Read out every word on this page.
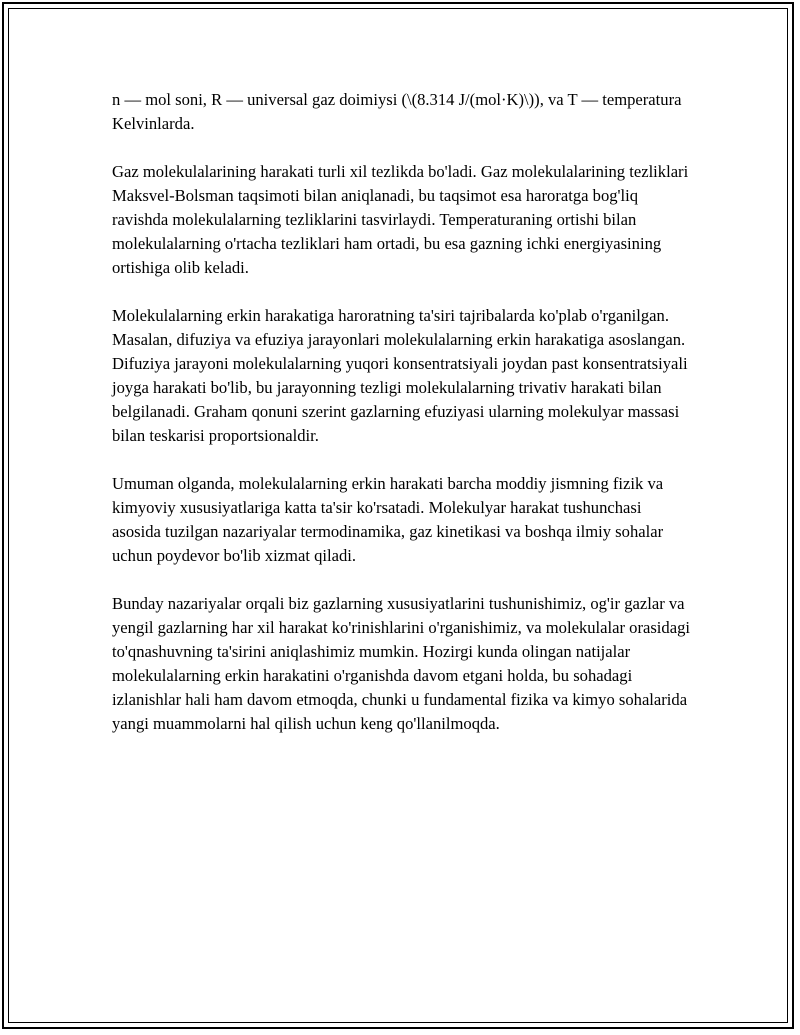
n — mol soni, R — universal gaz doimiysi (\(8.314 J/(mol·K)\)), va T — temperatura Kelvinlarda.

Gaz molekulalarining harakati turli xil tezlikda bo'ladi. Gaz molekulalarining tezliklari Maksvel-Bolsman taqsimoti bilan aniqlanadi, bu taqsimot esa haroratga bog'liq ravishda molekulalarning tezliklarini tasvirlaydi. Temperaturaning ortishi bilan molekulalarning o'rtacha tezliklari ham ortadi, bu esa gazning ichki energiyasining ortishiga olib keladi.

Molekulalarning erkin harakatiga haroratning ta'siri tajribalarda ko'plab o'rganilgan. Masalan, difuziya va efuziya jarayonlari molekulalarning erkin harakatiga asoslangan. Difuziya jarayoni molekulalarning yuqori konsentratsiyali joydan past konsentratsiyali joyga harakati bo'lib, bu jarayonning tezligi molekulalarning trivativ harakati bilan belgilanadi. Graham qonuni szerint gazlarning efuziyasi ularning molekulyar massasi bilan teskarisi proportsionaldir.

Umuman olganda, molekulalarning erkin harakati barcha moddiy jismning fizik va kimyoviy xususiyatlariga katta ta'sir ko'rsatadi. Molekulyar harakat tushunchasi asosida tuzilgan nazariyalar termodinamika, gaz kinetikasi va boshqa ilmiy sohalar uchun poydevor bo'lib xizmat qiladi.

Bunday nazariyalar orqali biz gazlarning xususiyatlarini tushunishimiz, og'ir gazlar va yengil gazlarning har xil harakat ko'rinishlarini o'rganishimiz, va molekulalar orasidagi to'qnashuvning ta'sirini aniqlashimiz mumkin. Hozirgi kunda olingan natijalar molekulalarning erkin harakatini o'rganishda davom etgani holda, bu sohadagi izlanishlar hali ham davom etmoqda, chunki u fundamental fizika va kimyo sohalarida yangi muammolarni hal qilish uchun keng qo'llanilmoqda.
